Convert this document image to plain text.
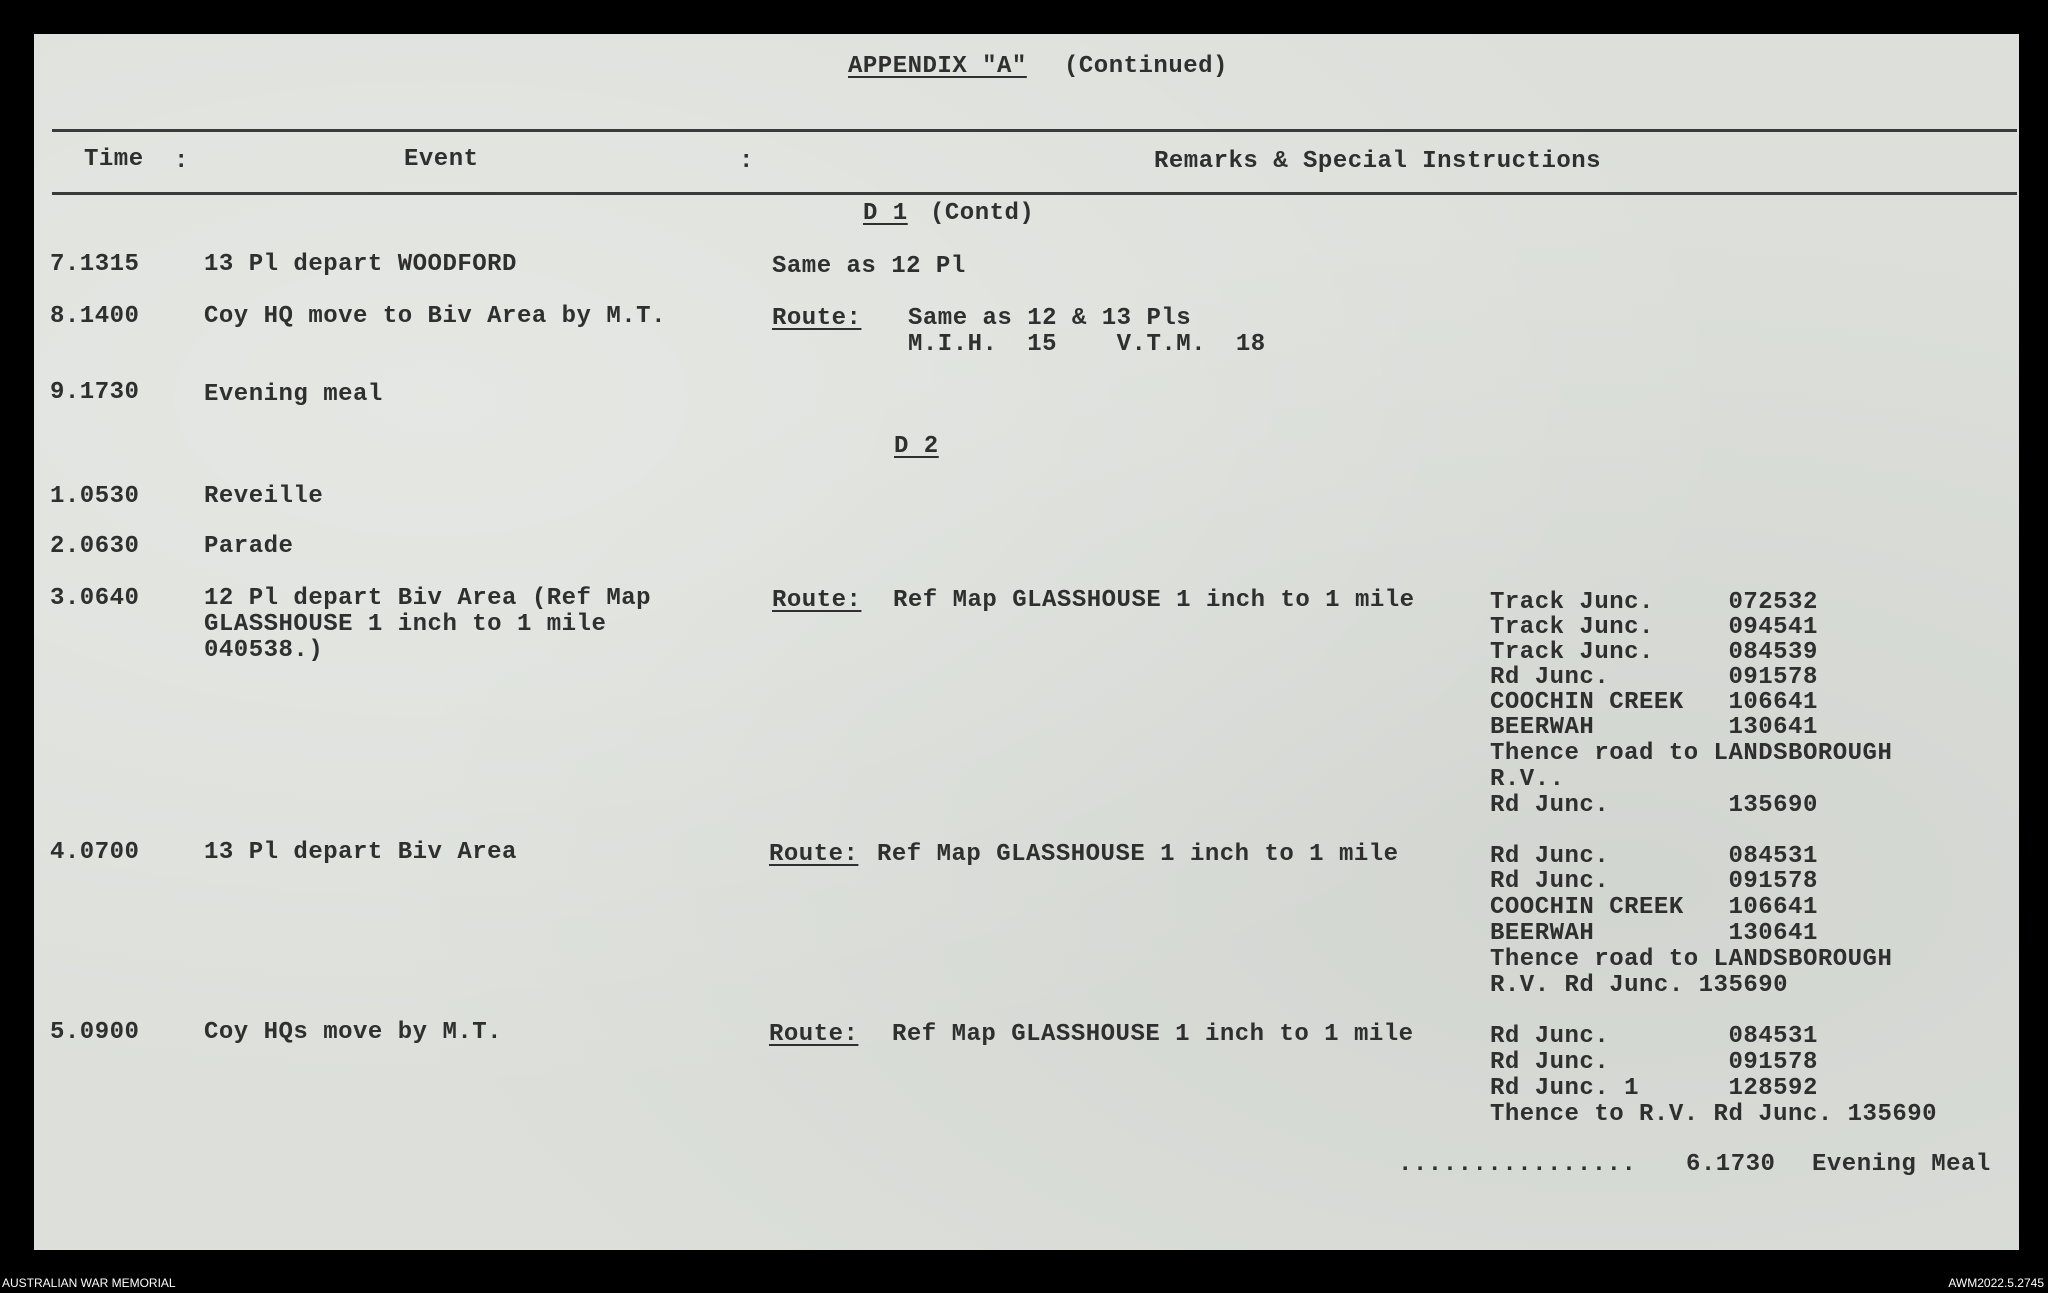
APPENDIX "A" (Continued)
Time :	Event	:	Remarks & Special Instructions
D 1 (Contd)
7.1315	13 Pl depart WOODFORD	Same as 12 Pl
8.1400	Coy HQ move to Biv Area by M.T.	Route: Same as 12 & 13 Pls
M.I.H.  15    V.T.M.  18
9.1730	Evening meal
D 2
1.0530	Reveille
2.0630	Parade
3.0640	12 Pl depart Biv Area (Ref Map
GLASSHOUSE 1 inch to 1 mile
040538.)
Route: Ref Map GLASSHOUSE 1 inch to 1 mile	Track Junc.     072532
Track Junc.     094541
Track Junc.     084539
Rd Junc.        091578
COOCHIN CREEK   106641
BEERWAH         130641
Thence road to LANDSBOROUGH
R.V..
Rd Junc.        135690
4.0700	13 Pl depart Biv Area	Route: Ref Map GLASSHOUSE 1 inch to 1 mile	Rd Junc.        084531
Rd Junc.        091578
COOCHIN CREEK   106641
BEERWAH         130641
Thence road to LANDSBOROUGH
R.V. Rd Junc. 135690
5.0900	Coy HQs move by M.T.	Route: Ref Map GLASSHOUSE 1 inch to 1 mile	Rd Junc.        084531
Rd Junc.        091578
Rd Junc. 1      128592
Thence to R.V. Rd Junc. 135690
................ 6.1730 Evening Meal
AUSTRALIAN WAR MEMORIAL	AWM2022.5.2745
